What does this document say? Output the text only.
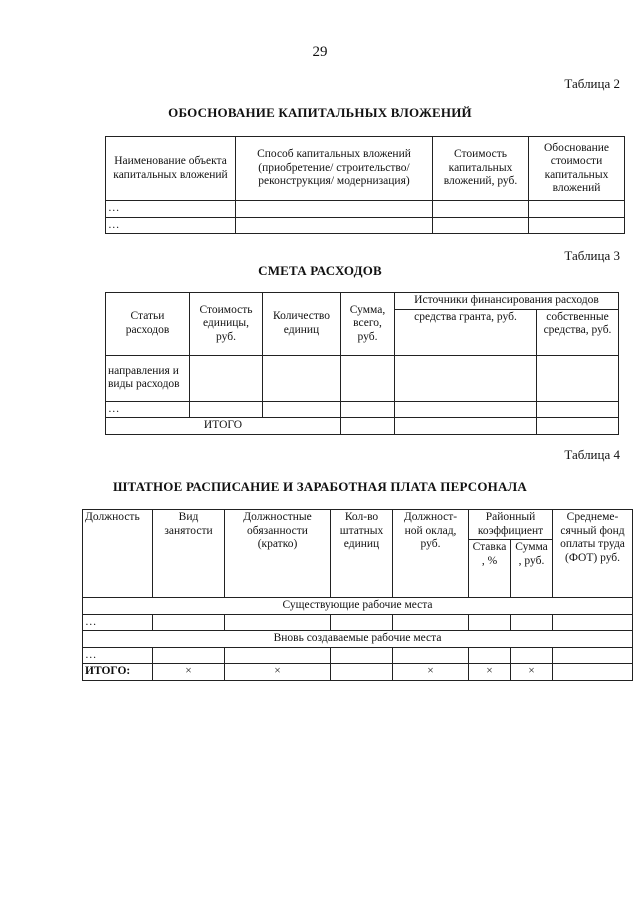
29
Таблица 2
ОБОСНОВАНИЕ КАПИТАЛЬНЫХ ВЛОЖЕНИЙ
Наименование объекта капитальных вложений	Способ капитальных вложений (приобретение/ строительство/реконструкция/ модернизация)	Стоимость капитальных вложений, руб.	Обоснование стоимости капитальных вложений
…			
…			
Таблица 3
СМЕТА РАСХОДОВ
Статьи расходов	Стоимость единицы, руб.	Количество единиц	Сумма, всего, руб.	Источники финансирования расходов	
				средства гранта, руб.	собственные средства, руб.
направления и виды расходов					
…					
ИТОГО					
Таблица 4
ШТАТНОЕ РАСПИСАНИЕ И ЗАРАБОТНАЯ ПЛАТА ПЕРСОНАЛА
Должность	Вид занятости	Должностные обязанности (кратко)	Кол-во штатных единиц	Должност-ной оклад, руб.	Районный коэффициент		Среднеме-сячный фонд оплаты труда (ФОТ) руб.
					Ставка , %	Сумма , руб.	
Существующие рабочие места							
…							
Вновь создаваемые рабочие места							
…							
ИТОГО:	×	×		×	×	×	
